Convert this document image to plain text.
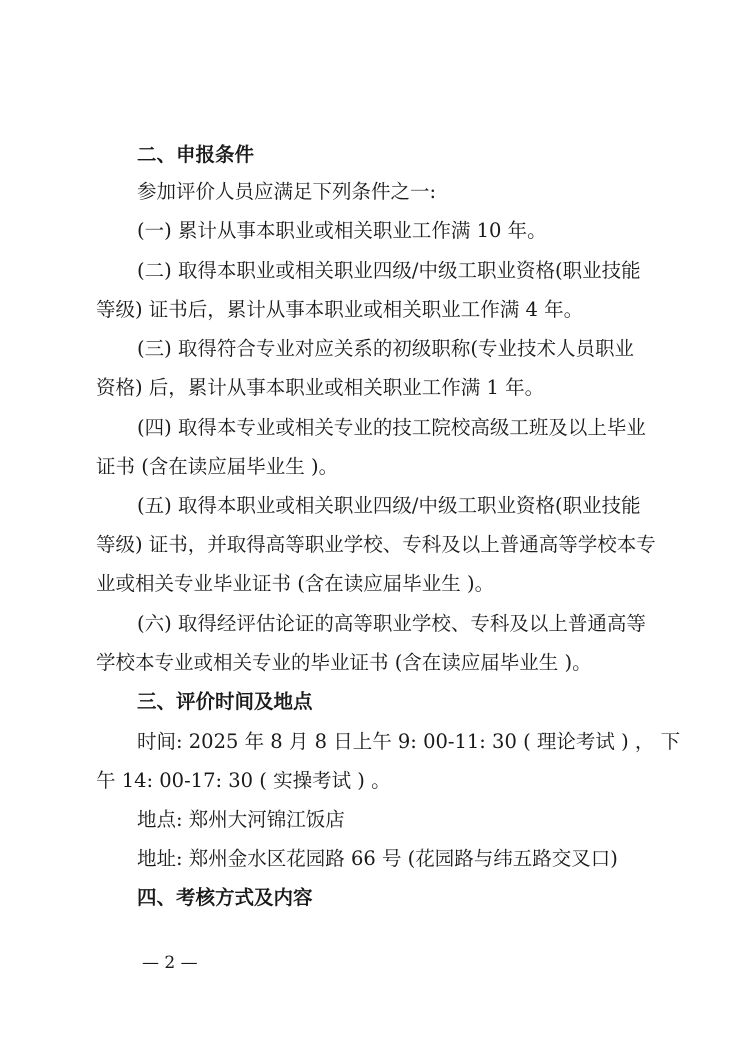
二、申报条件
参加评价人员应满足下列条件之一:
(一) 累计从事本职业或相关职业工作满 10 年。
(二) 取得本职业或相关职业四级/中级工职业资格(职业技能
等级) 证书后，累计从事本职业或相关职业工作满 4 年。
(三) 取得符合专业对应关系的初级职称(专业技术人员职业
资格) 后，累计从事本职业或相关职业工作满 1 年。
(四) 取得本专业或相关专业的技工院校高级工班及以上毕业
证书 (含在读应届毕业生 )。
(五) 取得本职业或相关职业四级/中级工职业资格(职业技能
等级) 证书，并取得高等职业学校、专科及以上普通高等学校本专
业或相关专业毕业证书 (含在读应届毕业生 )。
(六) 取得经评估论证的高等职业学校、专科及以上普通高等
学校本专业或相关专业的毕业证书 (含在读应届毕业生 )。
三、评价时间及地点
时间: 2025 年 8 月 8 日上午 9: 00-11: 30 ( 理论考试 ) ， 下
午 14: 00-17: 30 ( 实操考试 ) 。
地点: 郑州大河锦江饭店
地址: 郑州金水区花园路 66 号 (花园路与纬五路交叉口)
四、考核方式及内容
— 2 —
